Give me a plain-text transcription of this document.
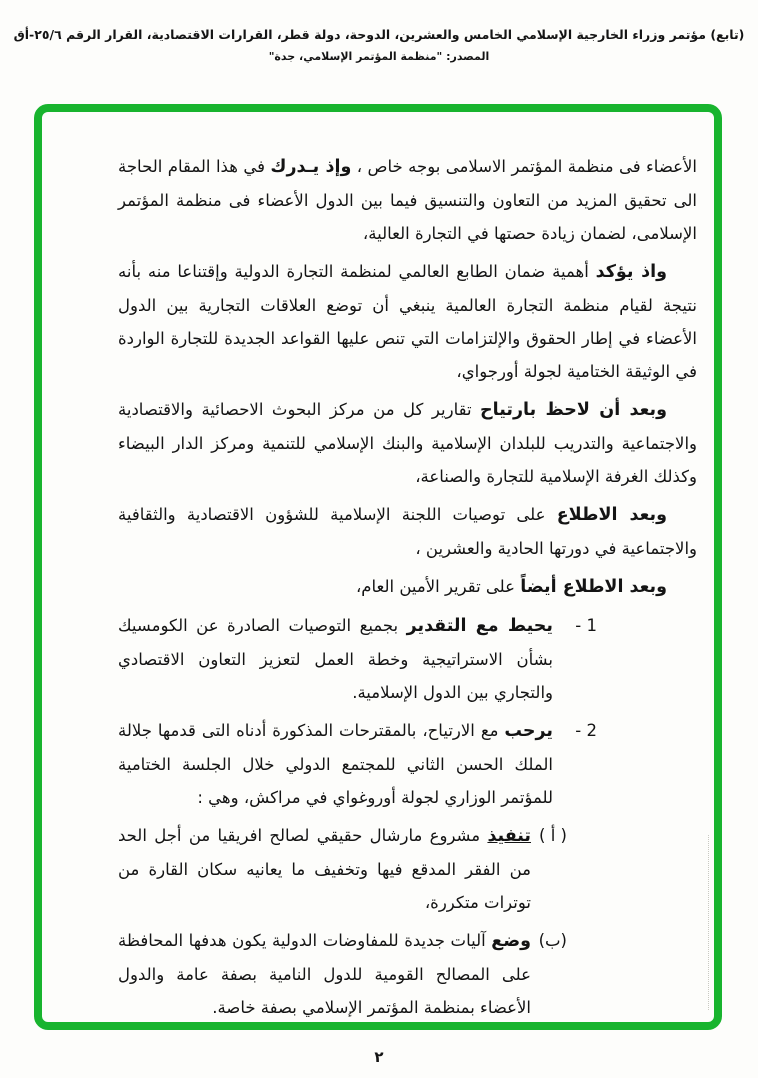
(تابع) مؤتمر وزراء الخارجية الإسلامي الخامس والعشرين، الدوحة، دولة قطر، القرارات الاقتصادية، القرار الرقم ٢٥/٦-أق
المصدر: "منظمة المؤتمر الإسلامي، جدة"
الأعضاء فى منظمة المؤتمر الاسلامى بوجه خاص ، وإذ يـدرك في هذا المقام الحاجة الى تحقيق المزيد من التعاون والتنسيق فيما بين الدول الأعضاء فى منظمة المؤتمر الإسلامى، لضمان زيادة حصتها في التجارة العالية،
واذ يؤكد أهمية ضمان الطابع العالمي لمنظمة التجارة الدولية وإقتناعا منه بأنه نتيجة لقيام منظمة التجارة العالمية ينبغي أن توضع العلاقات التجارية بين الدول الأعضاء في إطار الحقوق والإلتزامات التي تنص عليها القواعد الجديدة للتجارة الواردة في الوثيقة الختامية لجولة أورجواي،
وبعد أن لاحظ بارتياح تقارير كل من مركز البحوث الاحصائية والاقتصادية والاجتماعية والتدريب للبلدان الإسلامية والبنك الإسلامي للتنمية ومركز الدار البيضاء وكذلك الغرفة الإسلامية للتجارة والصناعة،
وبعد الاطلاع على توصيات اللجنة الإسلامية للشؤون الاقتصادية والثقافية والاجتماعية في دورتها الحادية والعشرين ،
وبعد الاطلاع أيضاً على تقرير الأمين العام،
1 -
يحيط مع التقدير بجميع التوصيات الصادرة عن الكومسيك بشأن الاستراتيجية وخطة العمل لتعزيز التعاون الاقتصادي والتجاري بين الدول الإسلامية.
2 -
يرحب مع الارتياح، بالمقترحات المذكورة أدناه التى قدمها جلالة الملك الحسن الثاني للمجتمع الدولي خلال الجلسة الختامية للمؤتمر الوزاري لجولة أوروغواي في مراكش، وهي :
( أ )
تنفيذ مشروع مارشال حقيقي لصالح افريقيا من أجل الحد من الفقر المدقع فيها وتخفيف ما يعانيه سكان القارة من توترات متكررة،
(ب)
وضع آليات جديدة للمفاوضات الدولية يكون هدفها المحافظة على المصالح القومية للدول النامية بصفة عامة والدول الأعضاء بمنظمة المؤتمر الإسلامي بصفة خاصة.
٢
